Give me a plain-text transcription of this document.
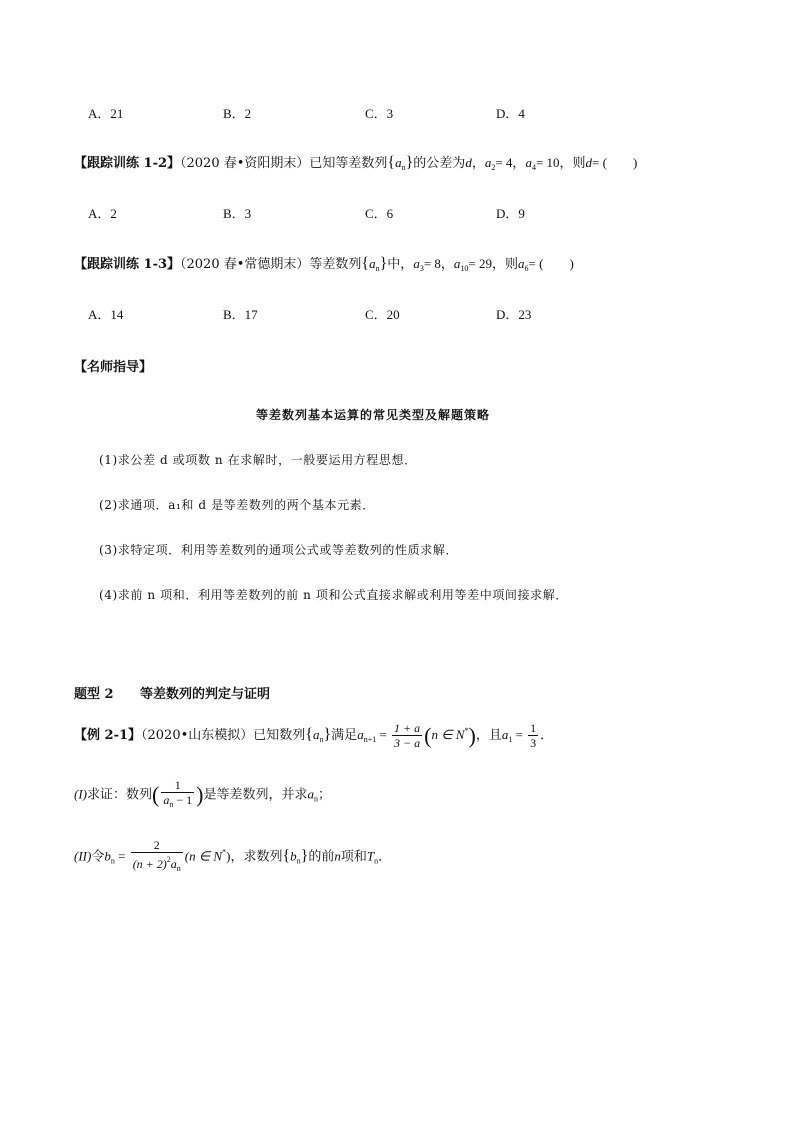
A．21	B．2	C．3	D．4
【跟踪训练 1-2】（2020 春•资阳期末）已知等差数列$\{a_n\}$的公差为d，$a_2= 4$，$a_4= 10$，则d= (　　)
A．2	B．3	C．6	D．9
【跟踪训练 1-3】（2020 春•常德期末）等差数列$\{a_n\}$中，$a_3= 8$，$a_{10}= 29$，则$a_6=$ (　　)
A．14	B．17	C．20	D．23
【名师指导】
等差数列基本运算的常见类型及解题策略
(1)求公差 d 或项数 n 在求解时，一般要运用方程思想．
(2)求通项．a₁和 d 是等差数列的两个基本元素．
(3)求特定项．利用等差数列的通项公式或等差数列的性质求解．
(4)求前 n 项和．利用等差数列的前 n 项和公式直接求解或利用等差中项间接求解．
题型 2 等差数列的判定与证明
【例 2-1】（2020•山东模拟）已知数列$\{a_n\}$满足$a_{n+1} = \frac{1 + a}{3 - a} (n$ ∈ N*)，且$a_1 = \frac{1}{3}$ ．
(I)求证：数列( $\frac{1}{a_n - 1}$ )是等差数列，并求$a_n$；
(II)令$b_n = \frac{2}{(n + 2)^2a_n} (n$ ∈ N*)，求数列$\{b_n\}$的前n项和$T_n$．
